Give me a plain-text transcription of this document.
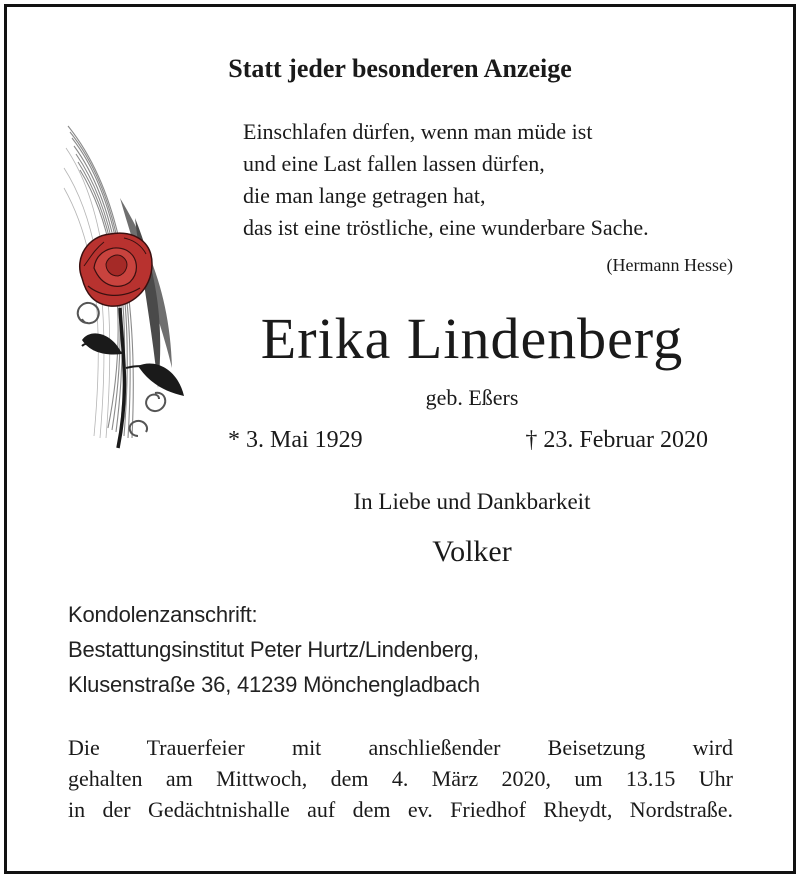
Statt jeder besonderen Anzeige
Einschlafen dürfen, wenn man müde ist
und eine Last fallen lassen dürfen,
die man lange getragen hat,
das ist eine tröstliche, eine wunderbare Sache.
(Hermann Hesse)
Erika Lindenberg
geb. Eßers
* 3. Mai 1929	† 23. Februar 2020
In Liebe und Dankbarkeit
Volker
Kondolenzanschrift:
Bestattungsinstitut Peter Hurtz/Lindenberg,
Klusenstraße 36, 41239 Mönchengladbach
Die Trauerfeier mit anschließender Beisetzung wird
gehalten am Mittwoch, dem 4. März 2020, um 13.15 Uhr
in der Gedächtnishalle auf dem ev. Friedhof Rheydt, Nordstraße.
